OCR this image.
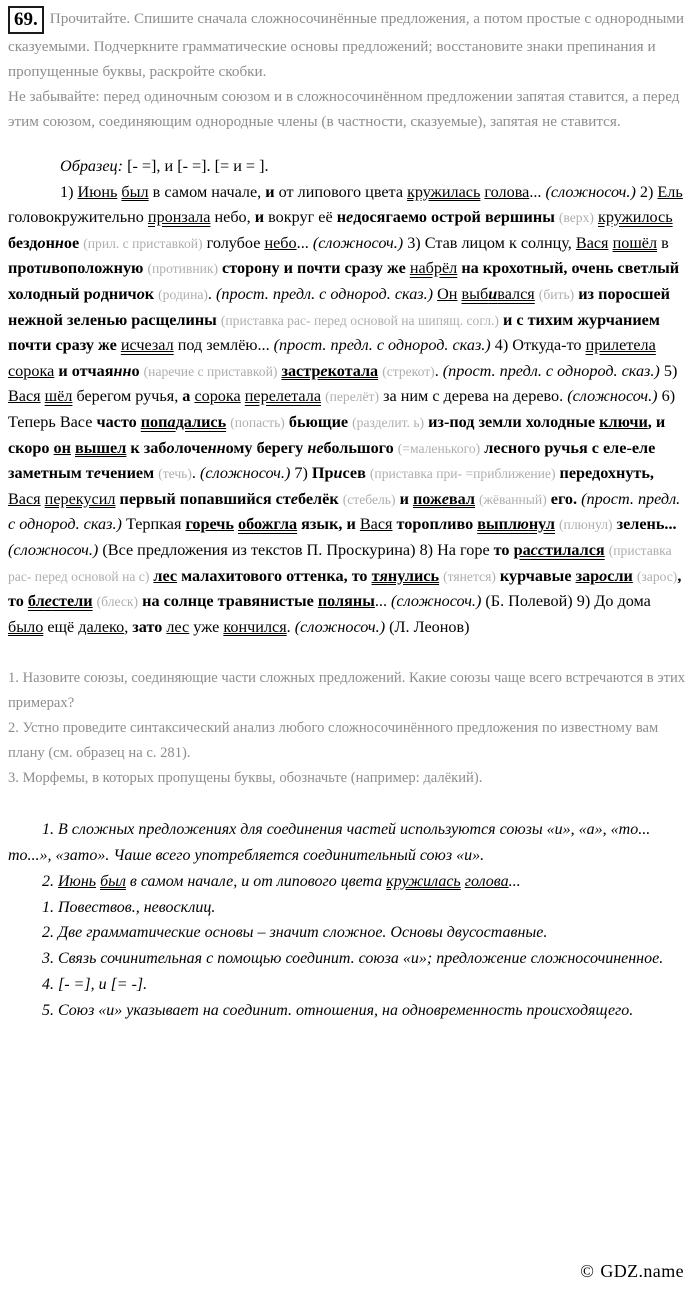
69. Прочитайте. Спишите сначала сложносочинённые предложения, а потом простые с однородными сказуемыми. Подчеркните грамматические основы предложений; восстановите знаки препинания и пропущенные буквы, раскройте скобки.

Не забывайте: перед одиночным союзом и в сложносочинённом предложении запятая ставится, а перед этим союзом, соединяющим однородные члены (в частности, сказуемые), запятая не ставится.

Образец: [- =], и [- =]. [= и = ].
1) Июнь был в самом начале, и от липового цвета кружилась голова... (сложносоч.) 2) Ель головокружительно пронзала небо, и вокруг её недосягаемо острой вершины (верх) кружилось бездонное (прил. с приставкой) голубое небо... (сложносоч.) 3) Став лицом к солнцу, Вася пошёл в противоположную (противник) сторону и почти сразу же набрёл на крохотный, очень светлый холодный родничок (родина). (прост. предл. с однород. сказ.) Он выбивался (бить) из поросшей нежной зеленью расщелины (приставка рас- перед основой на шипящ. согл.) и с тихим журчанием почти сразу же исчезал под землёю... (прост. предл. с однород. сказ.) 4) Откуда-то прилетела сорока и отчаянно (наречие с приставкой) застрекотала (стрекот). (прост. предл. с однород. сказ.) 5) Вася шёл берегом ручья, а сорока перелетала (перелёт) за ним с дерева на дерево. (сложносоч.) 6) Теперь Васе часто попадались (попасть) бьющие (разделит. ь) из-под земли холодные ключи, и скоро он вышел к заболоченному берегу небольшого (=маленького) лесного ручья с еле-еле заметным течением (течь). (сложносоч.) 7) Присев (приставка при- =приближение) передохнуть, Вася перекусил первый попавшийся стебелёк (стебель) и пожевал (жёванный) его. (прост. предл. с однород. сказ.) Терпкая горечь обожгла язык, и Вася торопливо выплюнул (плюнул) зелень... (сложносоч.) (Все предложения из текстов П. Проскурина) 8) На горе то расстилался (приставка рас- перед основой на с) лес малахитового оттенка, то тянулись (тянется) курчавые заросли (зарос), то блестели (блеск) на солнце травянистые поляны... (сложносоч.) (Б. Полевой) 9) До дома было ещё далеко, зато лес уже кончился. (сложносоч.) (Л. Леонов)
1. Назовите союзы, соединяющие части сложных предложений. Какие союзы чаще всего встречаются в этих примерах?
2. Устно проведите синтаксический анализ любого сложносочинённого предложения по известному вам плану (см. образец на с. 281).
3. Морфемы, в которых пропущены буквы, обозначьте (например: далёкий).

1. В сложных предложениях для соединения частей используются союзы «и», «а», «то... то...», «зато». Чаше всего употребляется соединительный союз «и».

2. Июнь был в самом начале, и от липового цвета кружилась голова...

1. Повествов., невосклиц.

2. Две грамматические основы – значит сложное. Основы двусоставные.

3. Связь сочинительная с помощью соединит. союза «и»; предложение сложносочиненное.

4. [- =], и [= -].

5. Союз «и» указывает на соединит. отношения, на одновременность происходящего.

© GDZ.name
